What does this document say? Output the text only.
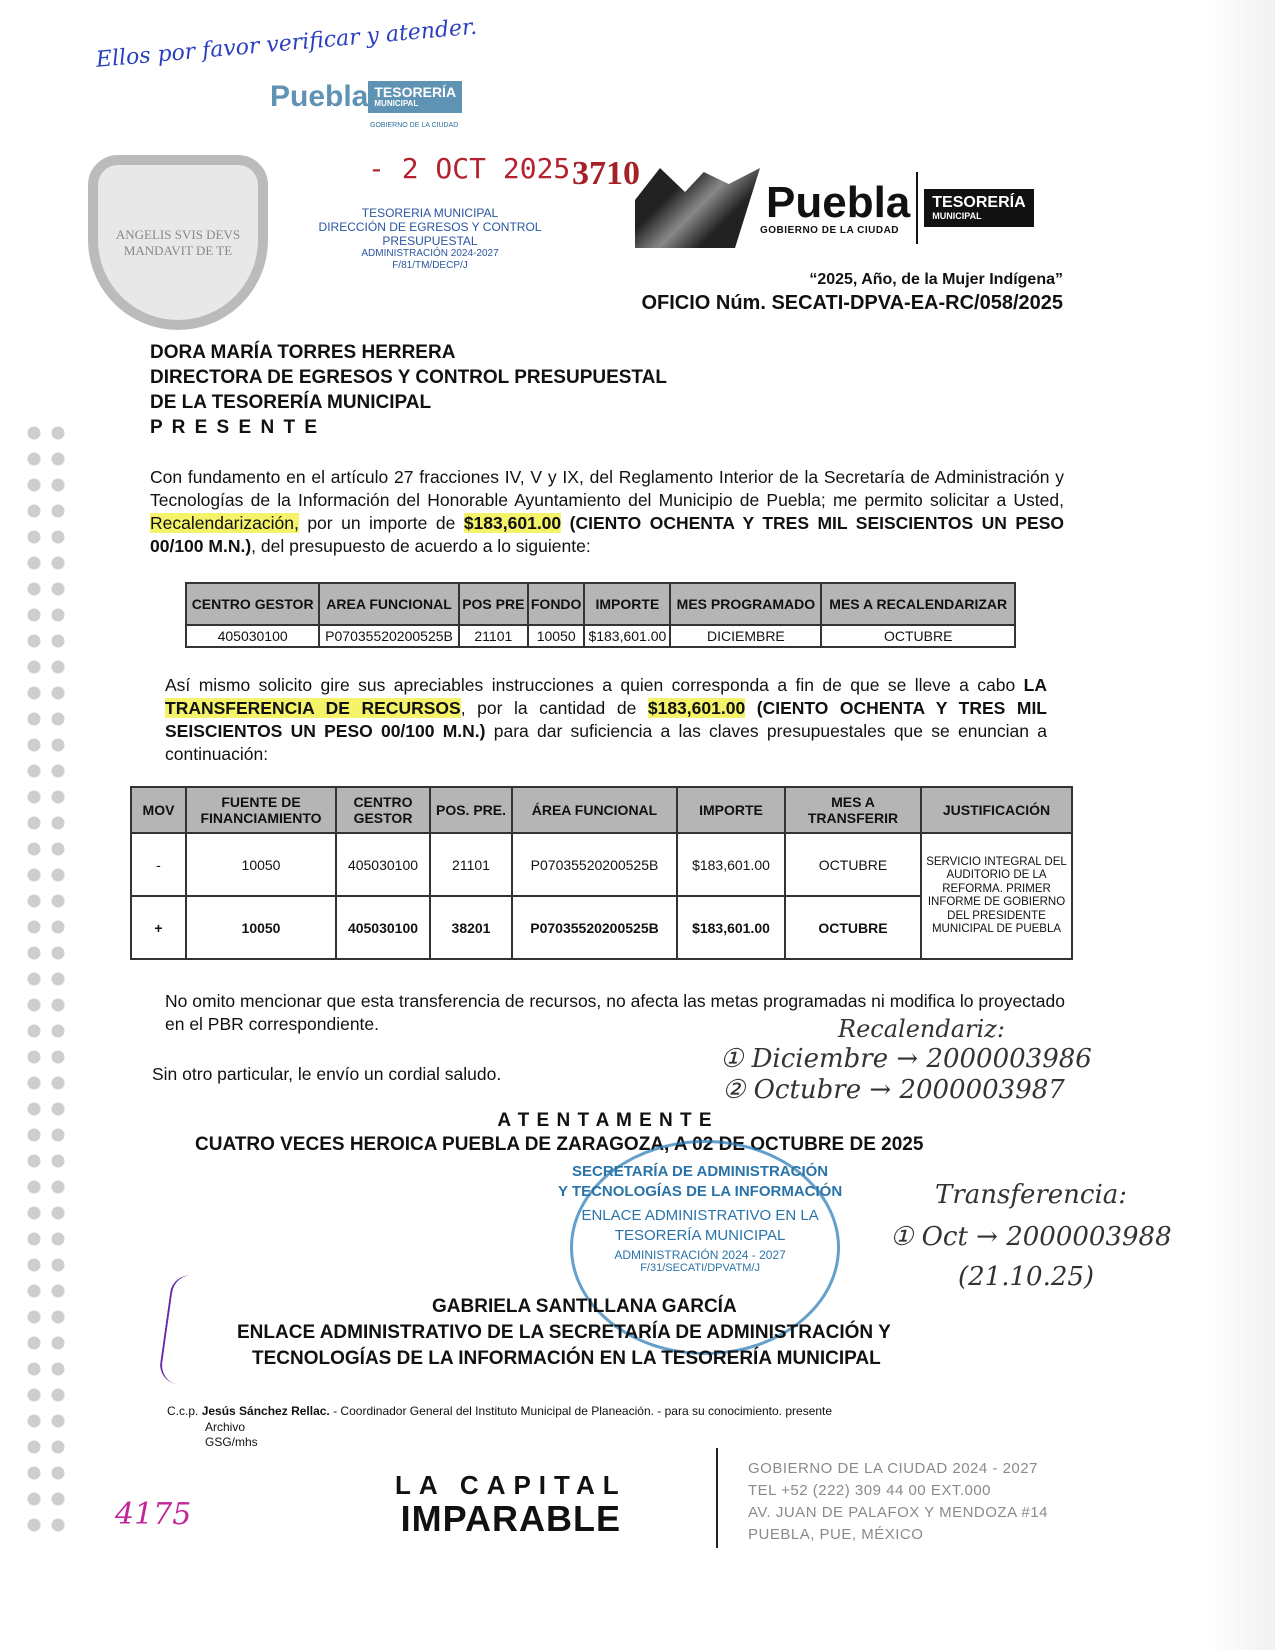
ANGELIS SVIS DEVS MANDAVIT DE TE
Puebla TESORERÍA
MUNICIPAL
GOBIERNO DE LA CIUDAD
Ellos por favor verificar y atender.
- 2 OCT 2025
TESORERIA MUNICIPAL
DIRECCIÓN DE EGRESOS Y CONTROL
PRESUPUESTAL
ADMINISTRACIÓN 2024-2027
F/81/TM/DECP/J
3710
Puebla
GOBIERNO DE LA CIUDAD
TESORERÍA
MUNICIPAL
“2025, Año, de la Mujer Indígena”
OFICIO Núm. SECATI-DPVA-EA-RC/058/2025
DORA MARÍA TORRES HERRERA
DIRECTORA DE EGRESOS Y CONTROL PRESUPUESTAL
DE LA TESORERÍA MUNICIPAL
P R E S E N T E
Con fundamento en el artículo 27 fracciones IV, V y IX, del Reglamento Interior de la Secretaría de Administración y Tecnologías de la Información del Honorable Ayuntamiento del Municipio de Puebla; me permito solicitar a Usted, Recalendarización, por un importe de $183,601.00 (CIENTO OCHENTA Y TRES MIL SEISCIENTOS UN PESO 00/100 M.N.), del presupuesto de acuerdo a lo siguiente:
CENTRO GESTOR	AREA FUNCIONAL	POS PRE	FONDO	IMPORTE	MES PROGRAMADO	MES A RECALENDARIZAR
405030100	P07035520200525B	21101	10050	$183,601.00	DICIEMBRE	OCTUBRE
Así mismo solicito gire sus apreciables instrucciones a quien corresponda a fin de que se lleve a cabo LA TRANSFERENCIA DE RECURSOS, por la cantidad de $183,601.00 (CIENTO OCHENTA Y TRES MIL SEISCIENTOS UN PESO 00/100 M.N.) para dar suficiencia a las claves presupuestales que se enuncian a continuación:
MOV	FUENTE DE FINANCIAMIENTO	CENTRO GESTOR	POS. PRE.	ÁREA FUNCIONAL	IMPORTE	MES A TRANSFERIR	JUSTIFICACIÓN
-	10050	405030100	21101	P07035520200525B	$183,601.00	OCTUBRE	SERVICIO INTEGRAL DEL AUDITORIO DE LA REFORMA. PRIMER INFORME DE GOBIERNO DEL PRESIDENTE MUNICIPAL DE PUEBLA
+	10050	405030100	38201	P07035520200525B	$183,601.00	OCTUBRE	
No omito mencionar que esta transferencia de recursos, no afecta las metas programadas ni modifica lo proyectado en el PBR correspondiente.
Sin otro particular, le envío un cordial saludo.
Recalendariz:
① Diciembre → 2000003986
② Octubre → 2000003987
A T E N T A M E N T E
CUATRO VECES HEROICA PUEBLA DE ZARAGOZA, A 02 DE OCTUBRE DE 2025
SECRETARÍA DE ADMINISTRACIÓN
Y TECNOLOGÍAS DE LA INFORMACIÓN
ENLACE ADMINISTRATIVO EN LA
TESORERÍA MUNICIPAL
ADMINISTRACIÓN 2024 - 2027
F/31/SECATI/DPVATM/J
Transferencia:
① Oct → 2000003988
(21.10.25)
GABRIELA SANTILLANA GARCÍA
ENLACE ADMINISTRATIVO DE LA SECRETARÍA DE ADMINISTRACIÓN Y
TECNOLOGÍAS DE LA INFORMACIÓN EN LA TESORERÍA MUNICIPAL
C.c.p. Jesús Sánchez Rellac. - Coordinador General del Instituto Municipal de Planeación. - para su conocimiento. presente
Archivo
GSG/mhs
4175
LA CAPITAL
IMPARABLE
GOBIERNO DE LA CIUDAD 2024 - 2027
TEL +52 (222) 309 44 00 EXT.000
AV. JUAN DE PALAFOX Y MENDOZA #14
PUEBLA, PUE, MÉXICO
